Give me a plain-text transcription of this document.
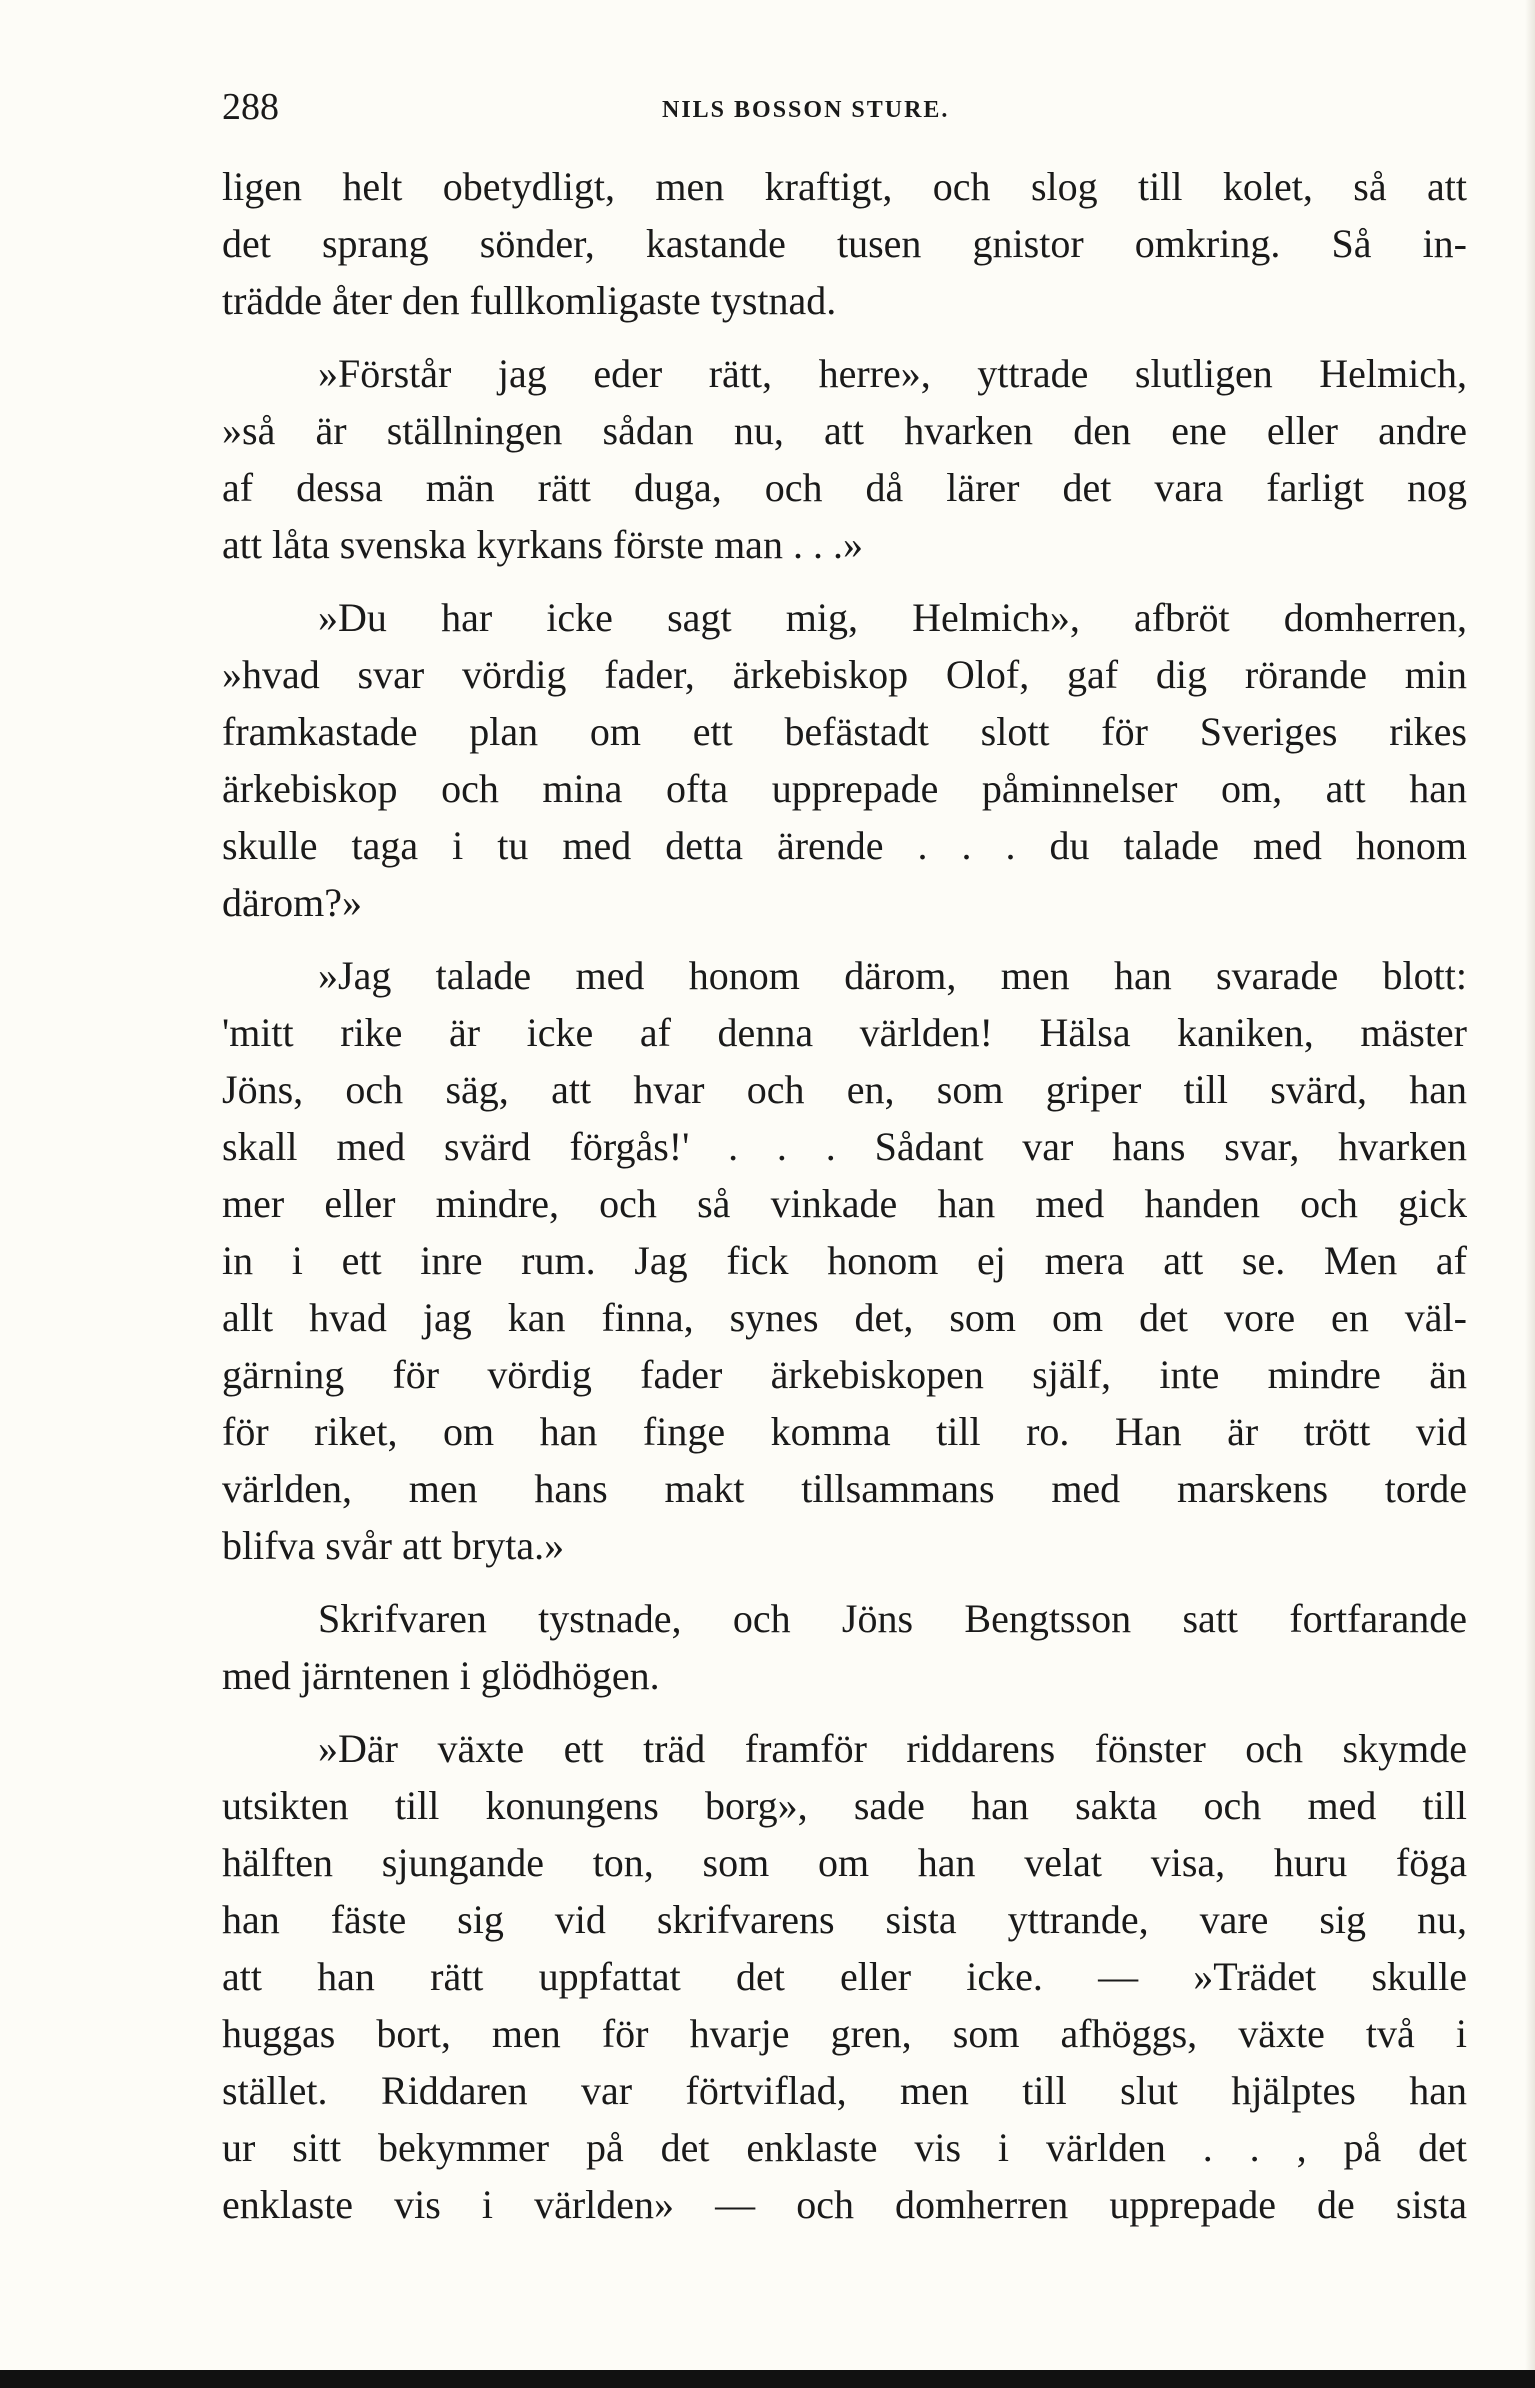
288	NILS BOSSON STURE.
ligen helt obetydligt, men kraftigt, och slog till kolet, så att
det sprang sönder, kastande tusen gnistor omkring. Så in-
trädde åter den fullkomligaste tystnad.
»Förstår jag eder rätt, herre», yttrade slutligen Helmich,
»så är ställningen sådan nu, att hvarken den ene eller andre
af dessa män rätt duga, och då lärer det vara farligt nog
att låta svenska kyrkans förste man . . .»
»Du har icke sagt mig, Helmich», afbröt domherren,
»hvad svar vördig fader, ärkebiskop Olof, gaf dig rörande min
framkastade plan om ett befästadt slott för Sveriges rikes
ärkebiskop och mina ofta upprepade påminnelser om, att han
skulle taga i tu med detta ärende . . . du talade med honom
därom?»
»Jag talade med honom därom, men han svarade blott:
'mitt rike är icke af denna världen! Hälsa kaniken, mäster
Jöns, och säg, att hvar och en, som griper till svärd, han
skall med svärd förgås!' . . . Sådant var hans svar, hvarken
mer eller mindre, och så vinkade han med handen och gick
in i ett inre rum. Jag fick honom ej mera att se. Men af
allt hvad jag kan finna, synes det, som om det vore en väl-
gärning för vördig fader ärkebiskopen själf, inte mindre än
för riket, om han finge komma till ro. Han är trött vid
världen, men hans makt tillsammans med marskens torde
blifva svår att bryta.»
Skrifvaren tystnade, och Jöns Bengtsson satt fortfarande
med järntenen i glödhögen.
»Där växte ett träd framför riddarens fönster och skymde
utsikten till konungens borg», sade han sakta och med till
hälften sjungande ton, som om han velat visa, huru föga
han fäste sig vid skrifvarens sista yttrande, vare sig nu,
att han rätt uppfattat det eller icke. — »Trädet skulle
huggas bort, men för hvarje gren, som afhöggs, växte två i
stället. Riddaren var förtviflad, men till slut hjälptes han
ur sitt bekymmer på det enklaste vis i världen . . , på det
enklaste vis i världen» — och domherren upprepade de sista
